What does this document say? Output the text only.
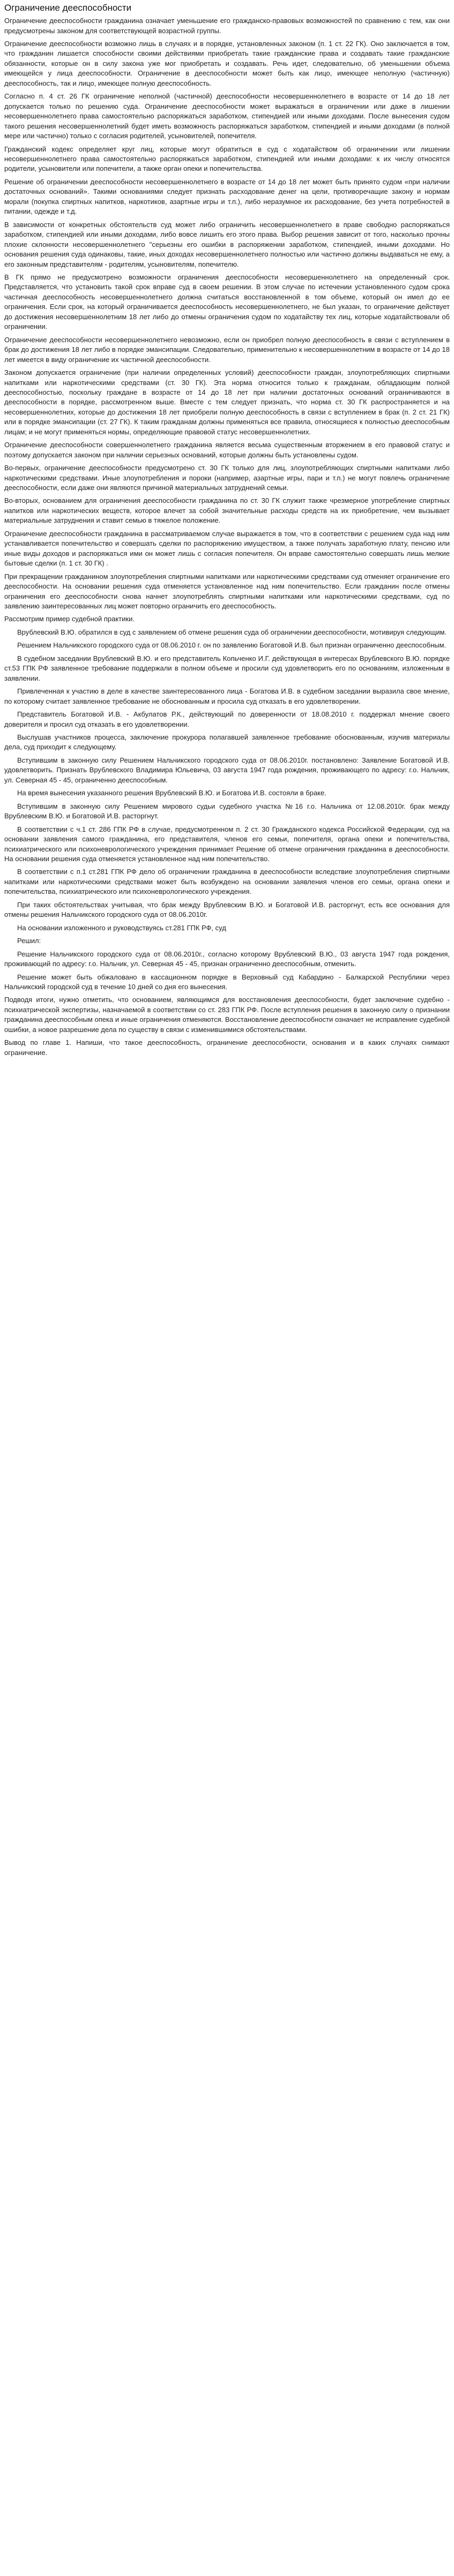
Ограничение дееспособности

Ограничение дееспособности гражданина означает уменьшение его гражданско-правовых возможностей по сравнению с тем, как они предусмотрены законом для соответствующей возрастной группы.

Ограничение дееспособности возможно лишь в случаях и в порядке, установленных законом (п. 1 ст. 22 ГК). Оно заключается в том, что гражданин лишается способности своими действиями приобретать такие гражданские права и создавать такие гражданские обязанности, которые он в силу закона уже мог приобретать и создавать. Речь идет, следовательно, об уменьшении объема имеющейся у лица дееспособности. Ограничение в дееспособности может быть как лицо, имеющее неполную (частичную) дееспособность, так и лицо, имеющее полную дееспособность.

Согласно п. 4 ст. 26 ГК ограничение неполной (частичной) дееспособности несовершеннолетнего в возрасте от 14 до 18 лет допускается только по решению суда. Ограничение дееспособности может выражаться в ограничении или даже в лишении несовершеннолетнего права самостоятельно распоряжаться заработком, стипендией или иными доходами. После вынесения судом такого решения несовершеннолетний будет иметь возможность распоряжаться заработком, стипендией и иными доходами (в полной мере или частично) только с согласия родителей, усыновителей, попечителя.

Гражданский кодекс определяет круг лиц, которые могут обратиться в суд с ходатайством об ограничении или лишении несовершеннолетнего права самостоятельно распоряжаться заработком, стипендией или иными доходами: к их числу относятся родители, усыновители или попечители, а также орган опеки и попечительства.

Решение об ограничении дееспособности несовершеннолетнего в возрасте от 14 до 18 лет может быть принято судом «при наличии достаточных оснований». Такими основаниями следует признать расходование денег на цели, противоречащие закону и нормам морали (покупка спиртных напитков, наркотиков, азартные игры и т.п.), либо неразумное их расходование, без учета потребностей в питании, одежде и т.д.

В зависимости от конкретных обстоятельств суд может либо ограничить несовершеннолетнего в праве свободно распоряжаться заработком, стипендией или иными доходами, либо вовсе лишить его этого права. Выбор решения зависит от того, насколько прочны плохие склонности несовершеннолетнего "серьезны его ошибки в распоряжении заработком, стипендией, иными доходами. Но основания решения суда одинаковы, такие, иных доходах несовершеннолетнего полностью или частично должны выдаваться не ему, а его законным представителям - родителям, усыновителям, попечителю.

В ГК прямо не предусмотрено возможности ограничения дееспособности несовершеннолетнего на определенный срок. Представляется, что установить такой срок вправе суд в своем решении. В этом случае по истечении установленного судом срока частичная дееспособность несовершеннолетнего должна считаться восстановленной в том объеме, который он имел до ее ограничения. Если срок, на который ограничивается дееспособность несовершеннолетнего, не был указан, то ограничение действует до достижения несовершеннолетним 18 лет либо до отмены ограничения судом по ходатайству тех лиц, которые ходатайствовали об ограничении.

Ограничение дееспособности несовершеннолетнего невозможно, если он приобрел полную дееспособность в связи с вступлением в брак до достижения 18 лет либо в порядке эмансипации. Следовательно, применительно к несовершеннолетним в возрасте от 14 до 18 лет имеется в виду ограничение их частичной дееспособности.

Законом допускается ограничение (при наличии определенных условий) дееспособности граждан, злоупотребляющих спиртными напитками или наркотическими средствами (ст. 30 ГК). Эта норма относится только к гражданам, обладающим полной дееспособностью, поскольку граждане в возрасте от 14 до 18 лет при наличии достаточных оснований ограничиваются в дееспособности в порядке, рассмотренном выше. Вместе с тем следует признать, что норма ст. 30 ГК распространяется и на несовершеннолетних, которые до достижения 18 лет приобрели полную дееспособность в связи с вступлением в брак (п. 2 ст. 21 ГК) или в порядке эмансипации (ст. 27 ГК). К таким гражданам должны применяться все правила, относящиеся к полностью дееспособным лицам; и не могут применяться нормы, определяющие правовой статус несовершеннолетних.

Ограничение дееспособности совершеннолетнего гражданина является весьма существенным вторжением в его правовой статус и поэтому допускается законом при наличии серьезных оснований, которые должны быть установлены судом.

Во-первых, ограничение дееспособности предусмотрено ст. 30 ГК только для лиц, злоупотребляющих спиртными напитками либо наркотическими средствами. Иные злоупотребления и пороки (например, азартные игры, пари и т.п.) не могут повлечь ограничение дееспособности, если даже они являются причиной материальных затруднений семьи.

Во-вторых, основанием для ограничения дееспособности гражданина по ст. 30 ГК служит также чрезмерное употребление спиртных напитков или наркотических веществ, которое влечет за собой значительные расходы средств на их приобретение, чем вызывает материальные затруднения и ставит семью в тяжелое положение.

Ограничение дееспособности гражданина в рассматриваемом случае выражается в том, что в соответствии с решением суда над ним устанавливается попечительство и совершать сделки по распоряжению имуществом, а также получать заработную плату, пенсию или иные виды доходов и распоряжаться ими он может лишь с согласия попечителя. Он вправе самостоятельно совершать лишь мелкие бытовые сделки (п. 1 ст. 30 ГК) .

При прекращении гражданином злоупотребления спиртными напитками или наркотическими средствами суд отменяет ограничение его дееспособности. На основании решения суда отменяется установленное над ним попечительство. Если гражданин после отмены ограничения его дееспособности снова начнет злоупотреблять спиртными напитками или наркотическими средствами, суд по заявлению заинтересованных лиц может повторно ограничить его дееспособность.

Рассмотрим пример судебной практики.

Врублевский В.Ю. обратился в суд с заявлением об отмене решения суда об ограничении дееспособности, мотивируя следующим.

Решением Нальчикского городского суда от 08.06.2010 г. он по заявлению Богатовой И.В. был признан ограниченно дееспособным.

В судебном заседании Врублевский В.Ю. и его представитель Копьченко И.Г. действующая в интересах Врублевского В.Ю. порядке ст.53 ГПК РФ заявленное требование поддержали в полном объеме и просили суд удовлетворить его по основаниям, изложенным в заявлении.

Привлеченная к участию в деле в качестве заинтересованного лица - Богатова И.В. в судебном заседании выразила свое мнение, по которому считает заявленное требование не обоснованным и просила суд отказать в его удовлетворении.

Представитель Богатовой И.В. - Акбулатов Р.К., действующий по доверенности от 18.08.2010 г. поддержал мнение своего доверителя и просил суд отказать в его удовлетворении.

Выслушав участников процесса, заключение прокурора полагавшей заявленное требование обоснованным, изучив материалы дела, суд приходит к следующему.

Вступившим в законную силу Решением Нальчикского городского суда от 08.06.2010г. постановлено: Заявление Богатовой И.В. удовлетворить. Признать Врублевского Владимира Юльевича, 03 августа 1947 года рождения, проживающего по адресу: г.о. Нальчик, ул. Северная 45 - 45, ограниченно дееспособным.

На время вынесения указанного решения Врублевский В.Ю. и Богатова И.В. состояли в браке.

Вступившим в законную силу Решением мирового судьи судебного участка №16 г.о. Нальчика от 12.08.2010г. брак между Врублевским В.Ю. и Богатовой И.В. расторгнут.

В соответствии с ч.1 ст. 286 ГПК РФ в случае, предусмотренном п. 2 ст. 30 Гражданского кодекса Российской Федерации, суд на основании заявления самого гражданина, его представителя, членов его семьи, попечителя, органа опеки и попечительства, психиатрического или психоневрологического учреждения принимает Решение об отмене ограничения гражданина в дееспособности. На основании решения суда отменяется установленное над ним попечительство.

В соответствии с п.1 ст.281 ГПК РФ дело об ограничении гражданина в дееспособности вследствие злоупотребления спиртными напитками или наркотическими средствами может быть возбуждено на основании заявления членов его семьи, органа опеки и попечительства, психиатрического или психоневрологического учреждения.

При таких обстоятельствах учитывая, что брак между Врублевским В.Ю. и Богатовой И.В. расторгнут, есть все основания для отмены решения Нальчикского городского суда от 08.06.2010г.

На основании изложенного и руководствуясь ст.281 ГПК РФ, суд

Решил:

Решение Нальчикского городского суда от 08.06.2010г., согласно которому Врублевский В.Ю., 03 августа 1947 года рождения, проживающий по адресу: г.о. Нальчик, ул. Северная 45 - 45, признан ограниченно дееспособным, отменить.

Решение может быть обжаловано в кассационном порядке в Верховный суд Кабардино - Балкарской Республики через Нальчикский городской суд в течение 10 дней со дня его вынесения.

Подводя итоги, нужно отметить, что основанием, являющимся для восстановления дееспособности, будет заключение судебно - психиатрической экспертизы, назначаемой в соответствии со ст. 283 ГПК РФ. После вступления решения в законную силу о признании гражданина дееспособным опека и иные ограничения отменяются. Восстановление дееспособности означает не исправление судебной ошибки, а новое разрешение дела по существу в связи с изменившимися обстоятельствами.

Вывод по главе 1. Напиши, что такое дееспособность, ограничение дееспособности, основания и в каких случаях снимают ограничение.
